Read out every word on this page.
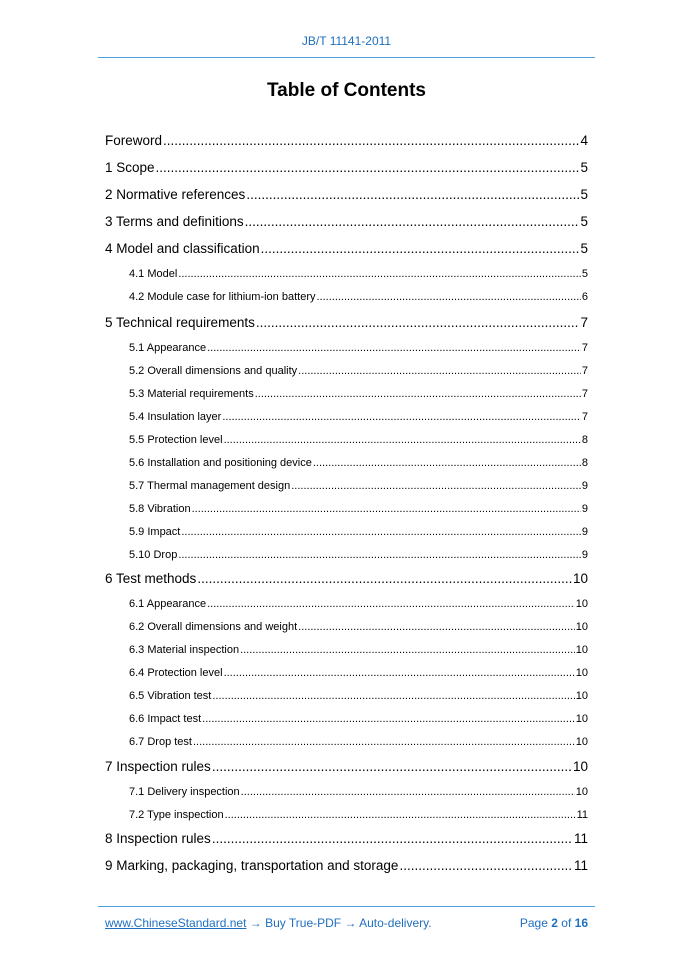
JB/T 11141-2011
Table of Contents
Foreword .....	4
1 Scope .....	5
2 Normative references .....	5
3 Terms and definitions .....	5
4 Model and classification .....	5
4.1 Model .....	5
4.2 Module case for lithium-ion battery .....	6
5 Technical requirements .....	7
5.1 Appearance .....	7
5.2 Overall dimensions and quality .....	7
5.3 Material requirements .....	7
5.4 Insulation layer .....	7
5.5 Protection level .....	8
5.6 Installation and positioning device .....	8
5.7 Thermal management design .....	9
5.8 Vibration .....	9
5.9 Impact .....	9
5.10 Drop .....	9
6 Test methods .....	10
6.1 Appearance .....	10
6.2 Overall dimensions and weight .....	10
6.3 Material inspection .....	10
6.4 Protection level .....	10
6.5 Vibration test .....	10
6.6 Impact test .....	10
6.7 Drop test .....	10
7 Inspection rules .....	10
7.1 Delivery inspection .....	10
7.2 Type inspection .....	11
8 Inspection rules .....	11
9 Marking, packaging, transportation and storage .....	11
www.ChineseStandard.net → Buy True-PDF → Auto-delivery.	Page 2 of 16
